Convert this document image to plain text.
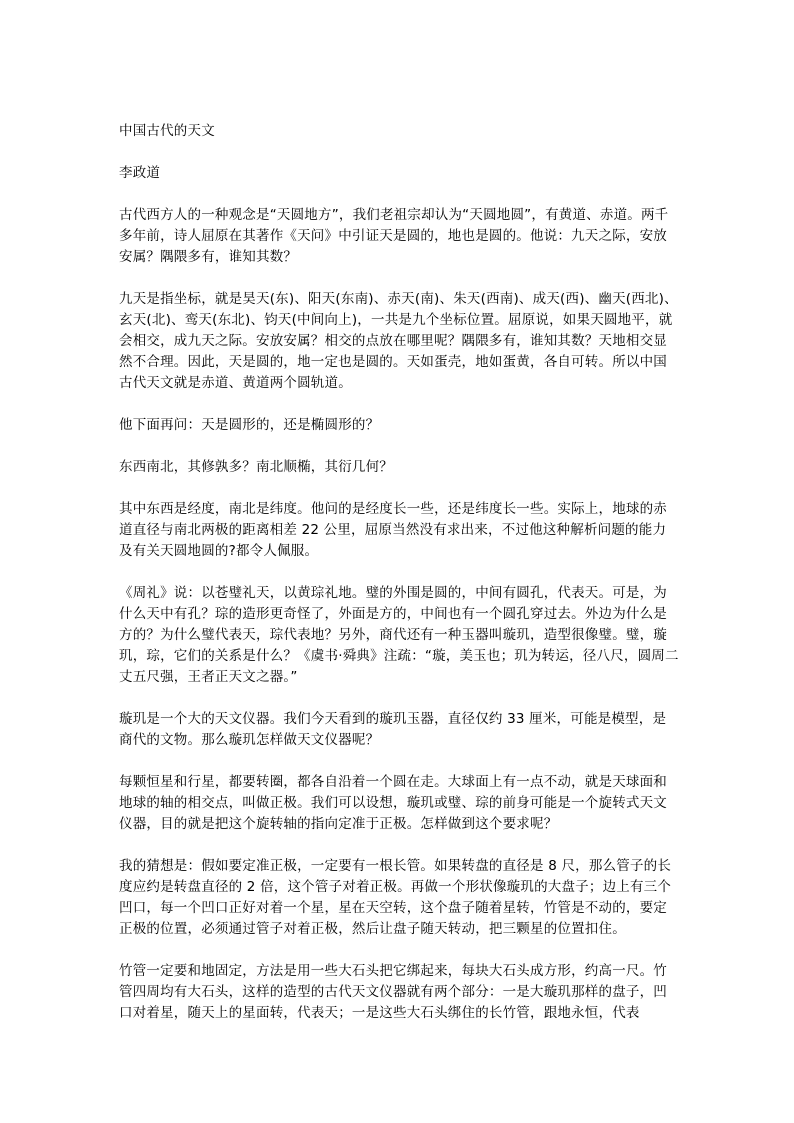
中国古代的天文

李政道

古代西方人的一种观念是“天圆地方”，我们老祖宗却认为“天圆地圆”，有黄道、赤道。两千多年前，诗人屈原在其著作《天问》中引证天是圆的，地也是圆的。他说：九天之际，安放安属？隅隈多有，谁知其数？

九天是指坐标，就是昊天(东)、阳天(东南)、赤天(南)、朱天(西南)、成天(西)、幽天(西北)、玄天(北)、鸾天(东北)、钧天(中间向上)，一共是九个坐标位置。屈原说，如果天圆地平，就会相交，成九天之际。安放安属？相交的点放在哪里呢？隅隈多有，谁知其数？天地相交显然不合理。因此，天是圆的，地一定也是圆的。天如蛋壳，地如蛋黄，各自可转。所以中国古代天文就是赤道、黄道两个圆轨道。

他下面再问：天是圆形的，还是椭圆形的？

东西南北，其修孰多？南北顺椭，其衍几何？

其中东西是经度，南北是纬度。他问的是经度长一些，还是纬度长一些。实际上，地球的赤道直径与南北两极的距离相差 22 公里，屈原当然没有求出来，不过他这种解析问题的能力及有关天圆地圆的?都令人佩服。

《周礼》说：以苍璧礼天，以黄琮礼地。璧的外围是圆的，中间有圆孔，代表天。可是，为什么天中有孔？琮的造形更奇怪了，外面是方的，中间也有一个圆孔穿过去。外边为什么是方的？为什么璧代表天，琮代表地？另外，商代还有一种玉器叫璇玑，造型很像璧。璧，璇玑，琮，它们的关系是什么？《虞书·舜典》注疏：“璇，美玉也；玑为转运，径八尺，圆周二丈五尺强，王者正天文之器。”

璇玑是一个大的天文仪器。我们今天看到的璇玑玉器，直径仅约 33 厘米，可能是模型，是商代的文物。那么璇玑怎样做天文仪器呢？

每颗恒星和行星，都要转圈，都各自沿着一个圆在走。大球面上有一点不动，就是天球面和地球的轴的相交点，叫做正极。我们可以设想，璇玑或璧、琮的前身可能是一个旋转式天文仪器，目的就是把这个旋转轴的指向定准于正极。怎样做到这个要求呢？

我的猜想是：假如要定准正极，一定要有一根长管。如果转盘的直径是 8 尺，那么管子的长度应约是转盘直径的 2 倍，这个管子对着正极。再做一个形状像璇玑的大盘子；边上有三个凹口，每一个凹口正好对着一个星，星在天空转，这个盘子随着星转，竹管是不动的，要定正极的位置，必须通过管子对着正极，然后让盘子随天转动，把三颗星的位置扣住。

竹管一定要和地固定，方法是用一些大石头把它绑起来，每块大石头成方形，约高一尺。竹管四周均有大石头，这样的造型的古代天文仪器就有两个部分：一是大璇玑那样的盘子，凹口对着星，随天上的星面转，代表天；一是这些大石头绑住的长竹管，跟地永恒，代表
